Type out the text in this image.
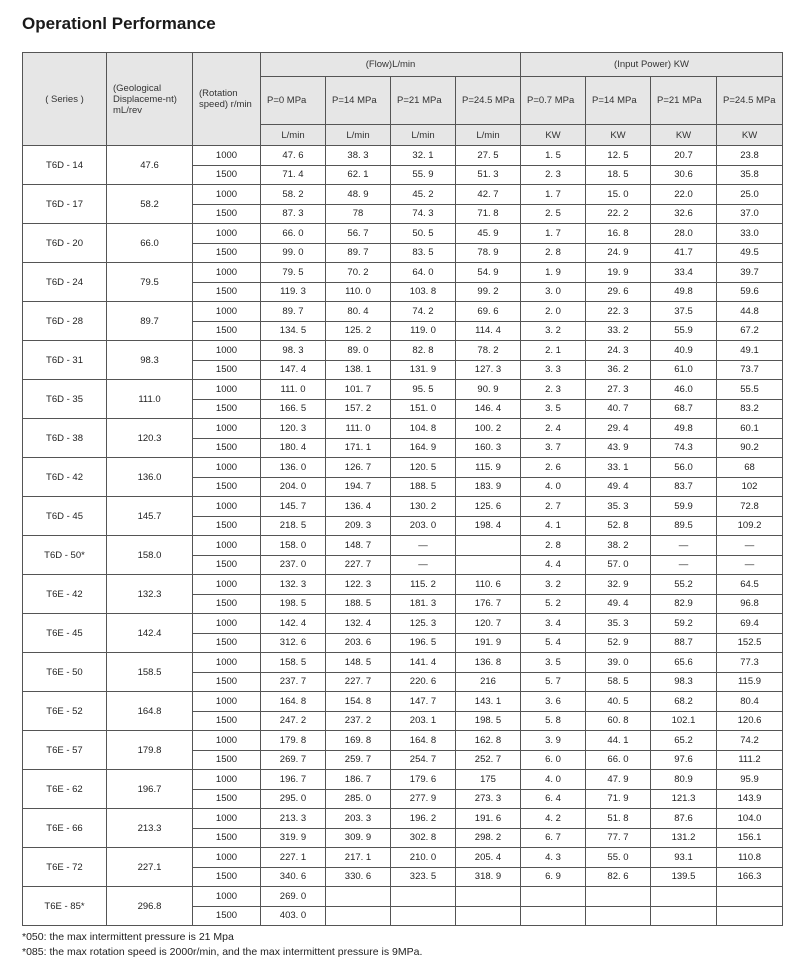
Operationl Performance
( Series )	(Geological Displaceme-nt) mL/rev	(Rotation speed) r/min	(Flow)L/min				(Input Power) KW			
			P=0 MPa	P=14 MPa	P=21 MPa	P=24.5 MPa	P=0.7 MPa	P=14 MPa	P=21 MPa	P=24.5 MPa
			L/min	L/min	L/min	L/min	KW	KW	KW	KW
T6D - 14	47.6	1000	47. 6	38. 3	32. 1	27. 5	1. 5	12. 5	20.7	23.8
		1500	71. 4	62. 1	55. 9	51. 3	2. 3	18. 5	30.6	35.8
T6D - 17	58.2	1000	58. 2	48. 9	45. 2	42. 7	1. 7	15. 0	22.0	25.0
		1500	87. 3	78	74. 3	71. 8	2. 5	22. 2	32.6	37.0
T6D - 20	66.0	1000	66. 0	56. 7	50. 5	45. 9	1. 7	16. 8	28.0	33.0
		1500	99. 0	89. 7	83. 5	78. 9	2. 8	24. 9	41.7	49.5
T6D - 24	79.5	1000	79. 5	70. 2	64. 0	54. 9	1. 9	19. 9	33.4	39.7
		1500	119. 3	110. 0	103. 8	99. 2	3. 0	29. 6	49.8	59.6
T6D - 28	89.7	1000	89. 7	80. 4	74. 2	69. 6	2. 0	22. 3	37.5	44.8
		1500	134. 5	125. 2	119. 0	114. 4	3. 2	33. 2	55.9	67.2
T6D - 31	98.3	1000	98. 3	89. 0	82. 8	78. 2	2. 1	24. 3	40.9	49.1
		1500	147. 4	138. 1	131. 9	127. 3	3. 3	36. 2	61.0	73.7
T6D - 35	111.0	1000	111. 0	101. 7	95. 5	90. 9	2. 3	27. 3	46.0	55.5
		1500	166. 5	157. 2	151. 0	146. 4	3. 5	40. 7	68.7	83.2
T6D - 38	120.3	1000	120. 3	111. 0	104. 8	100. 2	2. 4	29. 4	49.8	60.1
		1500	180. 4	171. 1	164. 9	160. 3	3. 7	43. 9	74.3	90.2
T6D - 42	136.0	1000	136. 0	126. 7	120. 5	115. 9	2. 6	33. 1	56.0	68
		1500	204. 0	194. 7	188. 5	183. 9	4. 0	49. 4	83.7	102
T6D - 45	145.7	1000	145. 7	136. 4	130. 2	125. 6	2. 7	35. 3	59.9	72.8
		1500	218. 5	209. 3	203. 0	198. 4	4. 1	52. 8	89.5	109.2
T6D - 50*	158.0	1000	158. 0	148. 7	—		2. 8	38. 2	—	—
		1500	237. 0	227. 7	—		4. 4	57. 0	—	—
T6E - 42	132.3	1000	132. 3	122. 3	115. 2	110. 6	3. 2	32. 9	55.2	64.5
		1500	198. 5	188. 5	181. 3	176. 7	5. 2	49. 4	82.9	96.8
T6E - 45	142.4	1000	142. 4	132. 4	125. 3	120. 7	3. 4	35. 3	59.2	69.4
		1500	312. 6	203. 6	196. 5	191. 9	5. 4	52. 9	88.7	152.5
T6E - 50	158.5	1000	158. 5	148. 5	141. 4	136. 8	3. 5	39. 0	65.6	77.3
		1500	237. 7	227. 7	220. 6	216	5. 7	58. 5	98.3	115.9
T6E - 52	164.8	1000	164. 8	154. 8	147. 7	143. 1	3. 6	40. 5	68.2	80.4
		1500	247. 2	237. 2	203. 1	198. 5	5. 8	60. 8	102.1	120.6
T6E - 57	179.8	1000	179. 8	169. 8	164. 8	162. 8	3. 9	44. 1	65.2	74.2
		1500	269. 7	259. 7	254. 7	252. 7	6. 0	66. 0	97.6	111.2
T6E - 62	196.7	1000	196. 7	186. 7	179. 6	175	4. 0	47. 9	80.9	95.9
		1500	295. 0	285. 0	277. 9	273. 3	6. 4	71. 9	121.3	143.9
T6E - 66	213.3	1000	213. 3	203. 3	196. 2	191. 6	4. 2	51. 8	87.6	104.0
		1500	319. 9	309. 9	302. 8	298. 2	6. 7	77. 7	131.2	156.1
T6E - 72	227.1	1000	227. 1	217. 1	210. 0	205. 4	4. 3	55. 0	93.1	110.8
		1500	340. 6	330. 6	323. 5	318. 9	6. 9	82. 6	139.5	166.3
T6E - 85*	296.8	1000	269. 0							
		1500	403. 0							
*050: the max intermittent pressure is 21 Mpa
*085: the max rotation speed is 2000r/min, and the max intermittent pressure is 9MPa.
